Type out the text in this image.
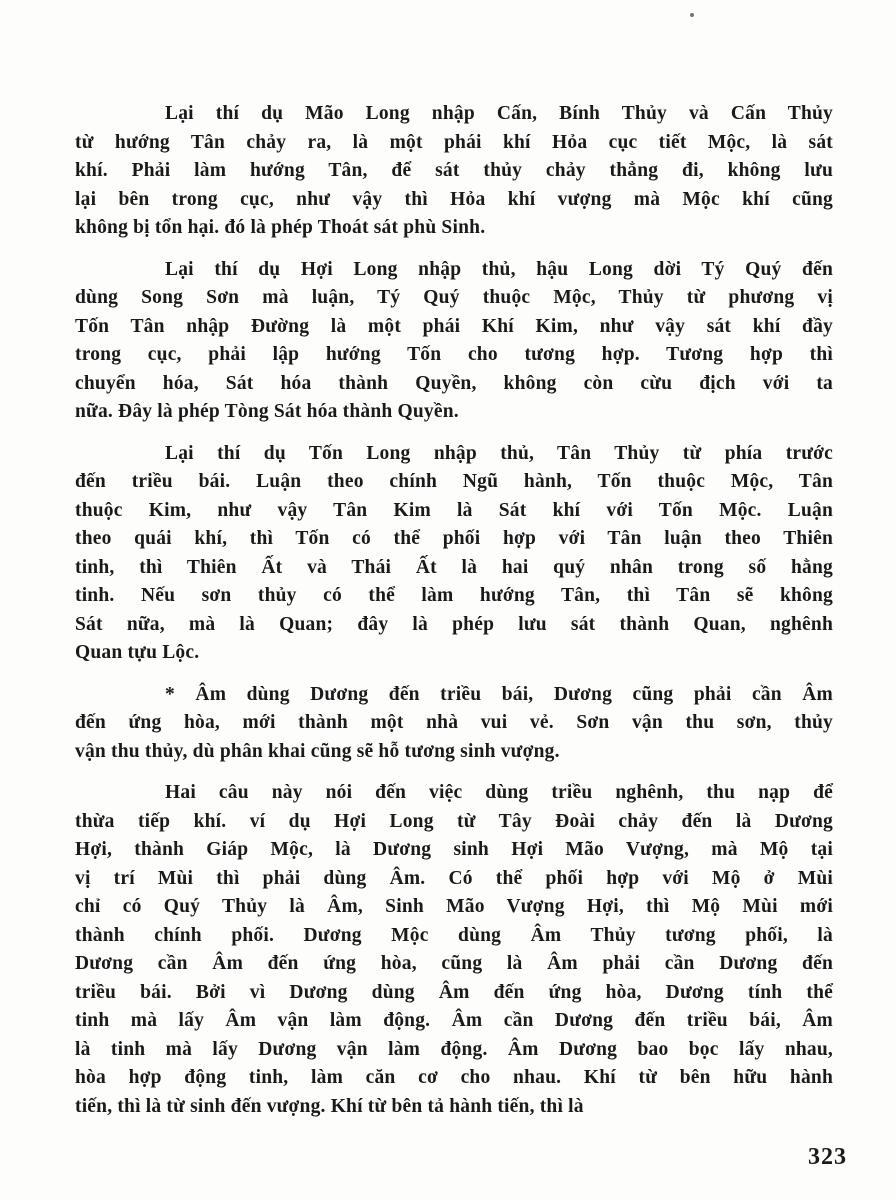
Lại thí dụ Mão Long nhập Cấn, Bính Thủy và Cấn Thủy
từ hướng Tân chảy ra, là một phái khí Hỏa cục tiết Mộc, là sát
khí. Phải làm hướng Tân, để sát thủy chảy thẳng đi, không lưu
lại bên trong cục, như vậy thì Hỏa khí vượng mà Mộc khí cũng
không bị tổn hại. đó là phép Thoát sát phù Sinh.

Lại thí dụ Hợi Long nhập thủ, hậu Long dời Tý Quý đến
dùng Song Sơn mà luận, Tý Quý thuộc Mộc, Thủy từ phương vị
Tốn Tân nhập Đường là một phái Khí Kim, như vậy sát khí đầy
trong cục, phải lập hướng Tốn cho tương hợp. Tương hợp thì
chuyển hóa, Sát hóa thành Quyền, không còn cừu địch với ta
nữa. Đây là phép Tòng Sát hóa thành Quyền.

Lại thí dụ Tốn Long nhập thủ, Tân Thủy từ phía trước
đến triều bái. Luận theo chính Ngũ hành, Tốn thuộc Mộc, Tân
thuộc Kim, như vậy Tân Kim là Sát khí với Tốn Mộc. Luận
theo quái khí, thì Tốn có thể phối hợp với Tân luận theo Thiên
tinh, thì Thiên Ất và Thái Ất là hai quý nhân trong số hằng
tinh. Nếu sơn thủy có thể làm hướng Tân, thì Tân sẽ không
Sát nữa, mà là Quan; đây là phép lưu sát thành Quan, nghênh
Quan tựu Lộc.

* Âm dùng Dương đến triều bái, Dương cũng phải cần Âm
đến ứng hòa, mới thành một nhà vui vẻ. Sơn vận thu sơn, thủy
vận thu thủy, dù phân khai cũng sẽ hỗ tương sinh vượng.

Hai câu này nói đến việc dùng triều nghênh, thu nạp để
thừa tiếp khí. ví dụ Hợi Long từ Tây Đoài chảy đến là Dương
Hợi, thành Giáp Mộc, là Dương sinh Hợi Mão Vượng, mà Mộ tại
vị trí Mùi thì phải dùng Âm. Có thể phối hợp với Mộ ở Mùi
chỉ có Quý Thủy là Âm, Sinh Mão Vượng Hợi, thì Mộ Mùi mới
thành chính phối. Dương Mộc dùng Âm Thủy tương phối, là
Dương cần Âm đến ứng hòa, cũng là Âm phải cần Dương đến
triều bái. Bởi vì Dương dùng Âm đến ứng hòa, Dương tính thể
tinh mà lấy Âm vận làm động. Âm cần Dương đến triều bái, Âm
là tinh mà lấy Dương vận làm động. Âm Dương bao bọc lấy nhau,
hòa hợp động tinh, làm căn cơ cho nhau. Khí từ bên hữu hành
tiến, thì là từ sinh đến vượng. Khí từ bên tả hành tiến, thì là

323
